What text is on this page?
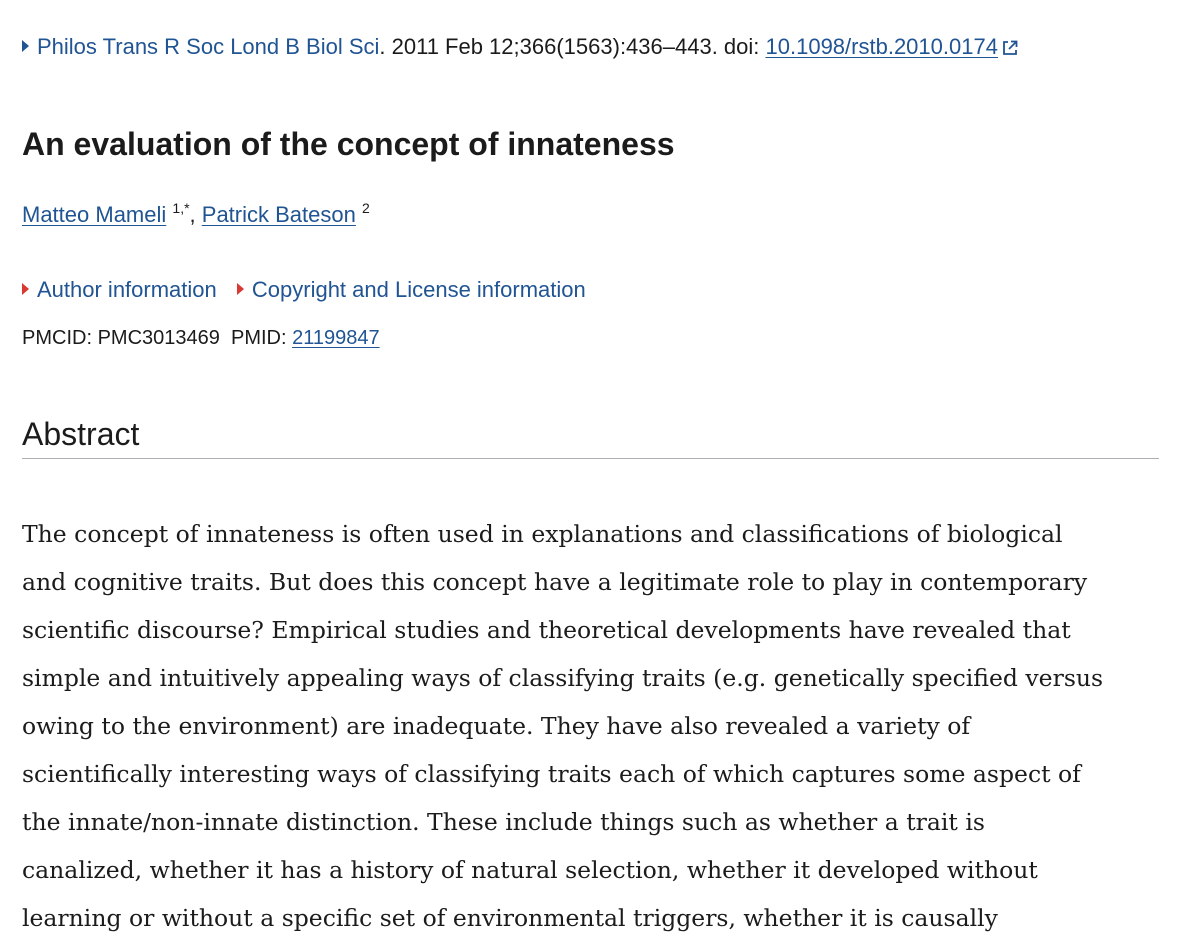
Philos Trans R Soc Lond B Biol Sci. 2011 Feb 12;366(1563):436–443. doi: 10.1098/rstb.2010.0174
An evaluation of the concept of innateness
Matteo Mameli $^{1,*}$, Patrick Bateson $^2$
Author information Copyright and License information
PMCID: PMC3013469 PMID: 21199847
Abstract

The concept of innateness is often used in explanations and classifications of biological
and cognitive traits. But does this concept have a legitimate role to play in contemporary
scientific discourse? Empirical studies and theoretical developments have revealed that
simple and intuitively appealing ways of classifying traits (e.g. genetically specified versus
owing to the environment) are inadequate. They have also revealed a variety of
scientifically interesting ways of classifying traits each of which captures some aspect of
the innate/non-innate distinction. These include things such as whether a trait is
canalized, whether it has a history of natural selection, whether it developed without
learning or without a specific set of environmental triggers, whether it is causally
